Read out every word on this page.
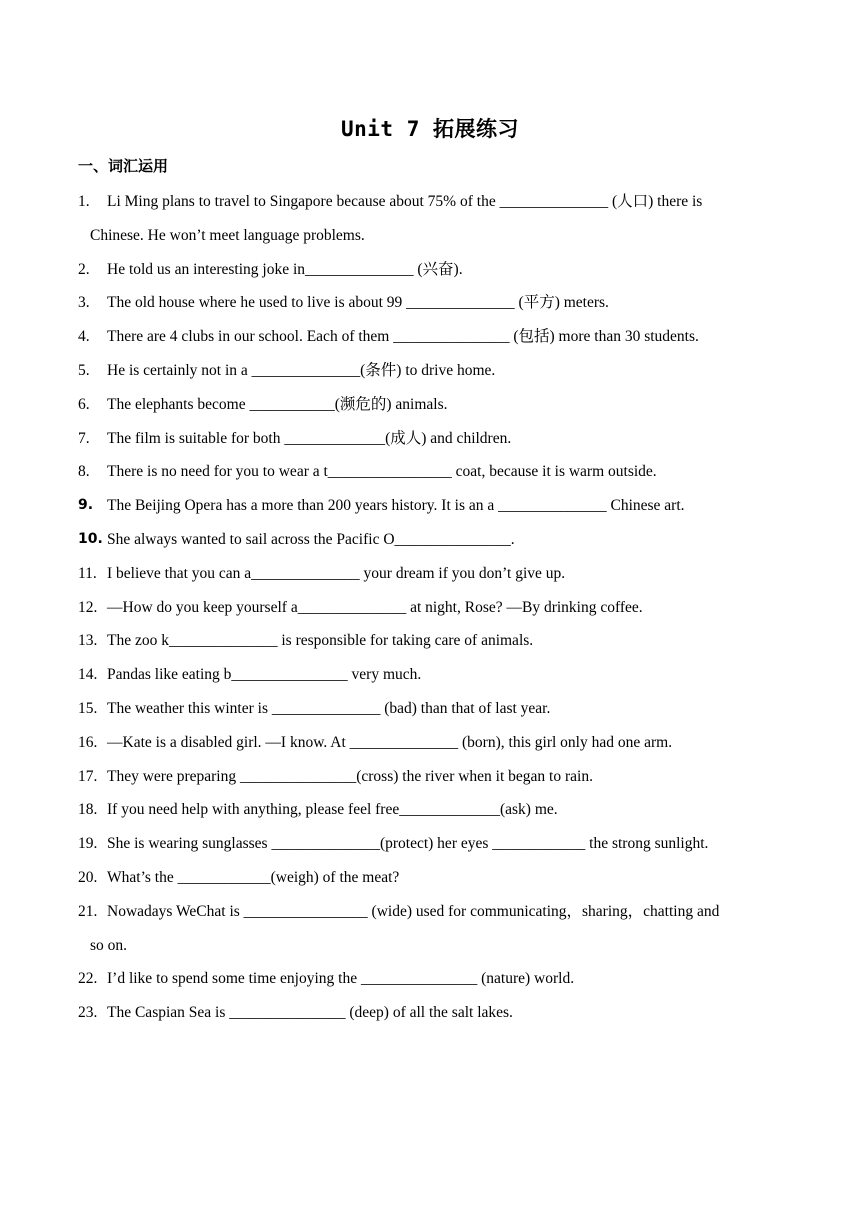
Unit 7 拓展练习
一、词汇运用
1. Li Ming plans to travel to Singapore because about 75% of the ______________ (人口) there is
Chinese. He won’t meet language problems.
2. He told us an interesting joke in______________ (兴奋).
3. The old house where he used to live is about 99 ______________ (平方) meters.
4. There are 4 clubs in our school. Each of them _______________ (包括) more than 30 students.
5. He is certainly not in a ______________(条件) to drive home.
6. The elephants become ___________(濒危的) animals.
7. The film is suitable for both _____________(成人) and children.
8. There is no need for you to wear a t________________ coat, because it is warm outside.
9. The Beijing Opera has a more than 200 years history. It is an a ______________ Chinese art.
10. She always wanted to sail across the Pacific O_______________.
11. I believe that you can a______________ your dream if you don’t give up.
12. —How do you keep yourself a______________ at night, Rose? —By drinking coffee.
13. The zoo k______________ is responsible for taking care of animals.
14. Pandas like eating b_______________ very much.
15. The weather this winter is ______________ (bad) than that of last year.
16. —Kate is a disabled girl. —I know. At ______________ (born), this girl only had one arm.
17. They were preparing _______________(cross) the river when it began to rain.
18. If you need help with anything, please feel free_____________(ask) me.
19. She is wearing sunglasses ______________(protect) her eyes ____________ the strong sunlight.
20. What’s the ____________(weigh) of the meat?
21. Nowadays WeChat is ________________ (wide) used for communicating，sharing，chatting and
so on.
22. I’d like to spend some time enjoying the _______________ (nature) world.
23. The Caspian Sea is _______________ (deep) of all the salt lakes.
